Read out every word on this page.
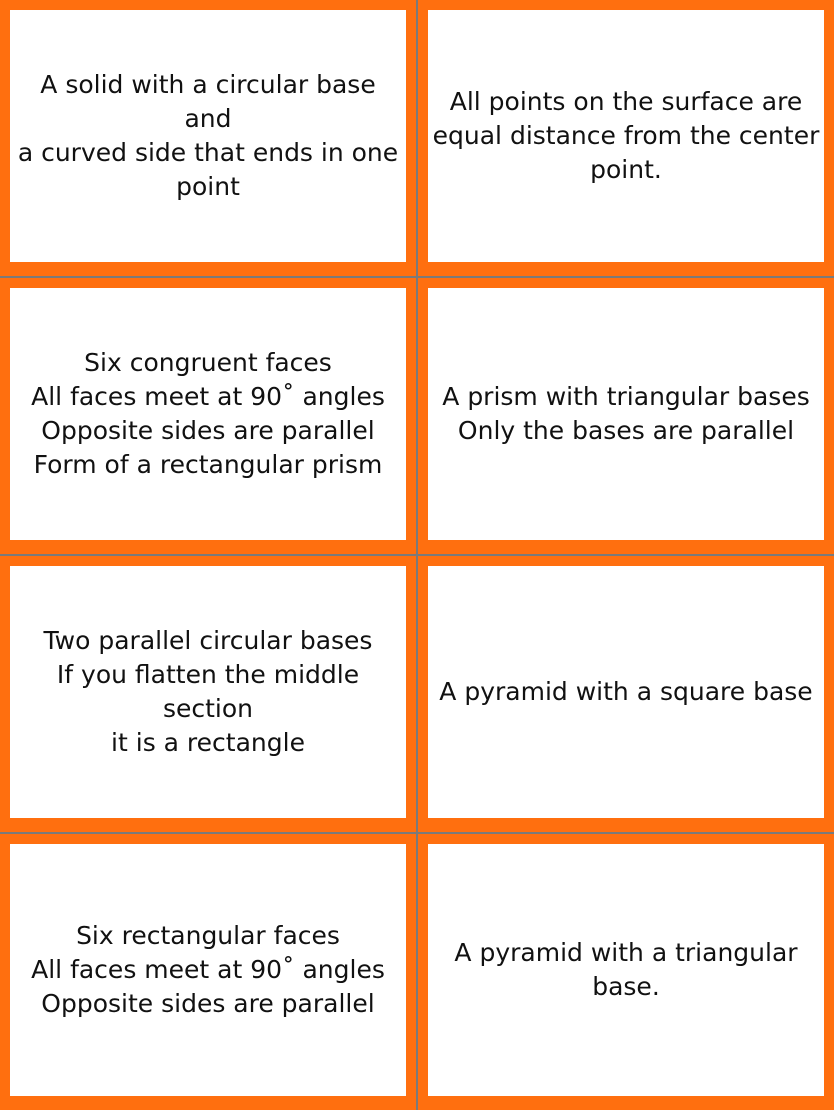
A solid with a circular base and
a curved side that ends in one
point
All points on the surface are
equal distance from the center
point.
Six congruent faces
All faces meet at 90˚ angles
Opposite sides are parallel
Form of a rectangular prism
A prism with triangular bases
Only the bases are parallel
Two parallel circular bases
If you flatten the middle section
it is a rectangle
A pyramid with a square base
Six rectangular faces
All faces meet at 90˚ angles
Opposite sides are parallel
A pyramid with a triangular
base.
